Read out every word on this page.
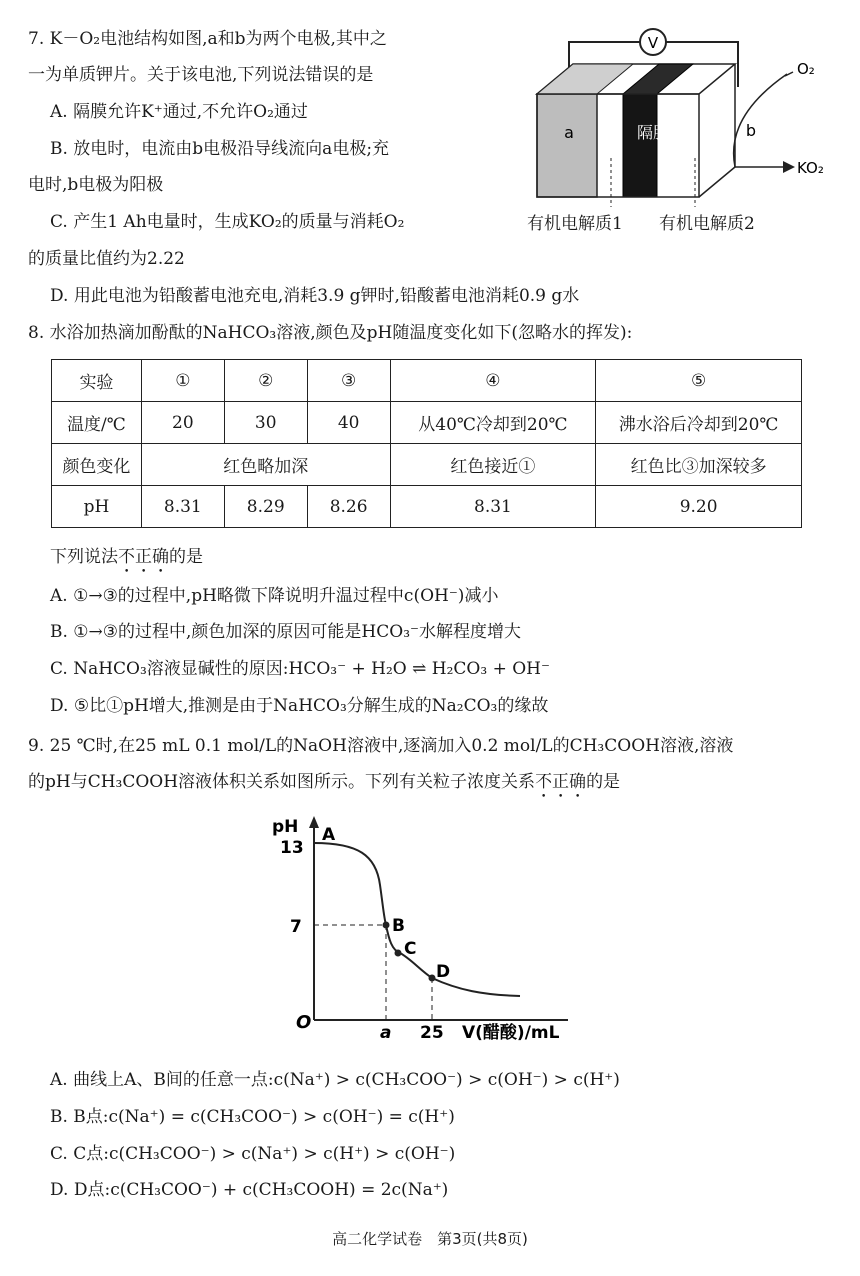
7. K－O₂电池结构如图,a和b为两个电极,其中之
一为单质钾片。关于该电池,下列说法错误的是
A. 隔膜允许K⁺通过,不允许O₂通过
B. 放电时，电流由b电极沿导线流向a电极;充
电时,b电极为阳极
C. 产生1 Ah电量时，生成KO₂的质量与消耗O₂
的质量比值约为2.22
D. 用此电池为铅酸蓄电池充电,消耗3.9 g钾时,铅酸蓄电池消耗0.9 g水
V
a	隔膜	b
O₂
KO₂
有机电解质1 有机电解质2
8. 水浴加热滴加酚酞的NaHCO₃溶液,颜色及pH随温度变化如下(忽略水的挥发):
实验	①	②	③	④	⑤
温度/℃	20	30	40	从40℃冷却到20℃	沸水浴后冷却到20℃
颜色变化	红色略加深			红色接近①	红色比③加深较多
pH	8.31	8.29	8.26	8.31	9.20
下列说法不正确的是
A. ①→③的过程中,pH略微下降说明升温过程中c(OH⁻)减小
B. ①→③的过程中,颜色加深的原因可能是HCO₃⁻水解程度增大
C. NaHCO₃溶液显碱性的原因:HCO₃⁻ + H₂O ⇌ H₂CO₃ + OH⁻
D. ⑤比①pH增大,推测是由于NaHCO₃分解生成的Na₂CO₃的缘故
9. 25 ℃时,在25 mL 0.1 mol/L的NaOH溶液中,逐滴加入0.2 mol/L的CH₃COOH溶液,溶液
的pH与CH₃COOH溶液体积关系如图所示。下列有关粒子浓度关系不正确的是
pH A
13
7
O	a 25 V(醋酸)/mL
B
C
D
A. 曲线上A、B间的任意一点:c(Na⁺) > c(CH₃COO⁻) > c(OH⁻) > c(H⁺)
B. B点:c(Na⁺) = c(CH₃COO⁻) > c(OH⁻) = c(H⁺)
C. C点:c(CH₃COO⁻) > c(Na⁺) > c(H⁺) > c(OH⁻)
D. D点:c(CH₃COO⁻) + c(CH₃COOH) = 2c(Na⁺)
高二化学试卷　第3页(共8页)
